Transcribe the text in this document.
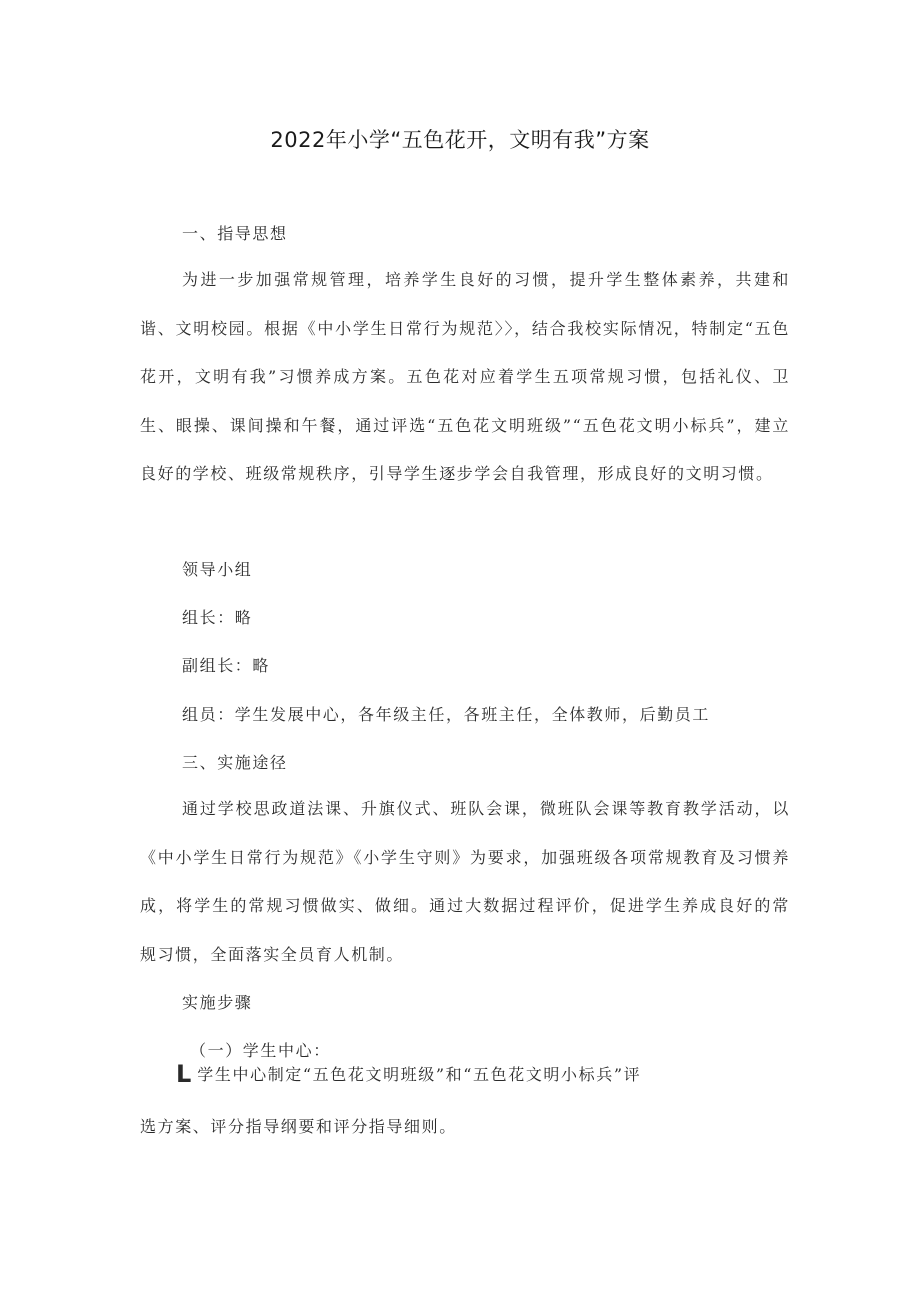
2022年小学“五色花开，文明有我”方案
一、指导思想
为进一步加强常规管理，培养学生良好的习惯，提升学生整体素养，共建和谐、文明校园。根据《中小学生日常行为规范〉〉，结合我校实际情况，特制定“五色花开，文明有我”习惯养成方案。五色花对应着学生五项常规习惯，包括礼仪、卫生、眼操、课间操和午餐，通过评选“五色花文明班级”“五色花文明小标兵”，建立良好的学校、班级常规秩序，引导学生逐步学会自我管理，形成良好的文明习惯。
领导小组
组长：略
副组长：略
组员：学生发展中心，各年级主任，各班主任，全体教师，后勤员工
三、实施途径
通过学校思政道法课、升旗仪式、班队会课，微班队会课等教育教学活动，以《中小学生日常行为规范》《小学生守则》为要求，加强班级各项常规教育及习惯养成，将学生的常规习惯做实、做细。通过大数据过程评价，促进学生养成良好的常规习惯，全面落实全员育人机制。
实施步骤
（一）学生中心：
L学生中心制定“五色花文明班级”和“五色花文明小标兵”评
选方案、评分指导纲要和评分指导细则。
